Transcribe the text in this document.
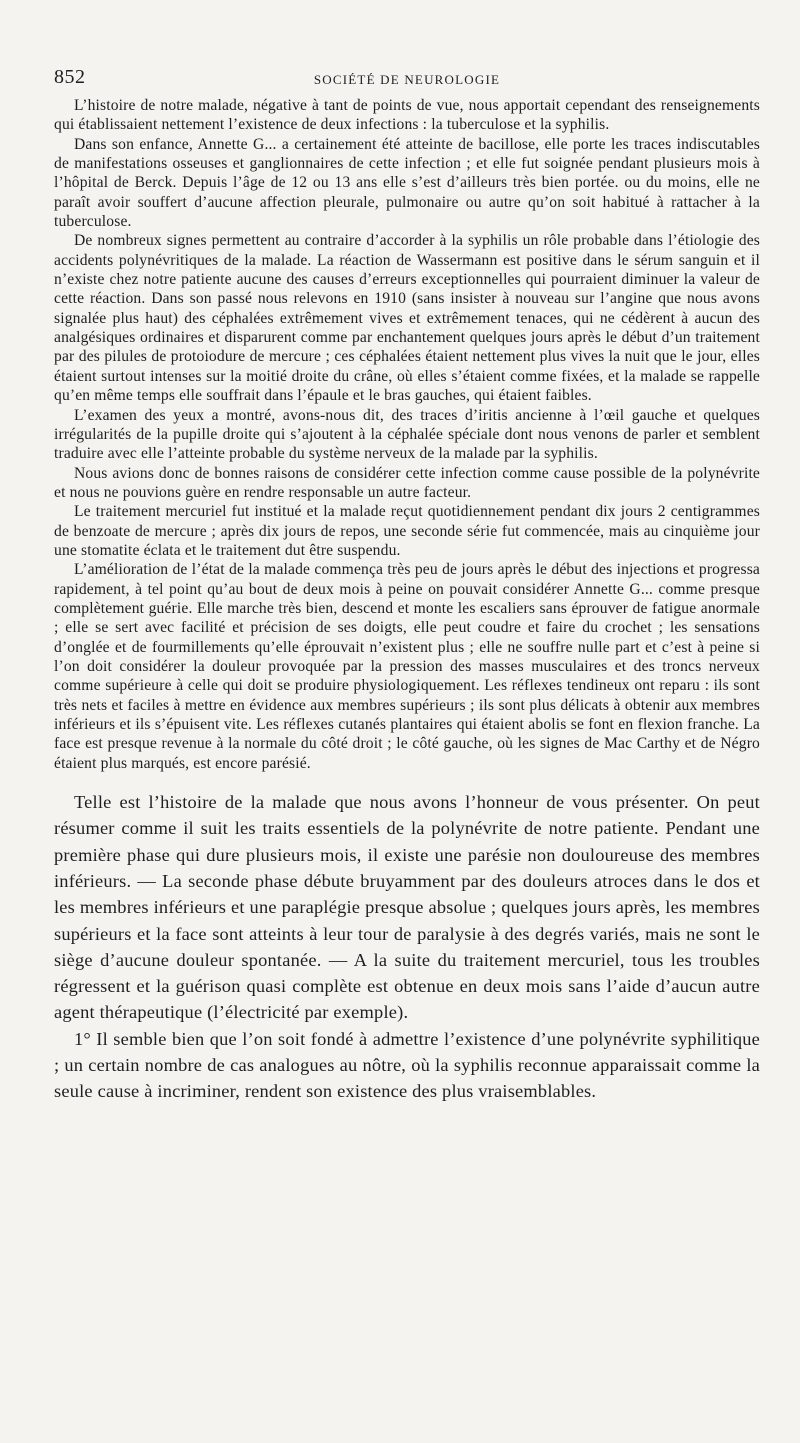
852	SOCIÉTÉ DE NEUROLOGIE

L’histoire de notre malade, négative à tant de points de vue, nous apportait cependant des renseignements qui établissaient nettement l’existence de deux infections : la tuberculose et la syphilis.

Dans son enfance, Annette G... a certainement été atteinte de bacillose, elle porte les traces indiscutables de manifestations osseuses et ganglionnaires de cette infection ; et elle fut soignée pendant plusieurs mois à l’hôpital de Berck. Depuis l’âge de 12 ou 13 ans elle s’est d’ailleurs très bien portée. ou du moins, elle ne paraît avoir souffert d’aucune affection pleurale, pulmonaire ou autre qu’on soit habitué à rattacher à la tuberculose.

De nombreux signes permettent au contraire d’accorder à la syphilis un rôle probable dans l’étiologie des accidents polynévritiques de la malade. La réaction de Wassermann est positive dans le sérum sanguin et il n’existe chez notre patiente aucune des causes d’erreurs exceptionnelles qui pourraient diminuer la valeur de cette réaction. Dans son passé nous relevons en 1910 (sans insister à nouveau sur l’angine que nous avons signalée plus haut) des céphalées extrêmement vives et extrêmement tenaces, qui ne cédèrent à aucun des analgésiques ordinaires et disparurent comme par enchantement quelques jours après le début d’un traitement par des pilules de protoiodure de mercure ; ces céphalées étaient nettement plus vives la nuit que le jour, elles étaient surtout intenses sur la moitié droite du crâne, où elles s’étaient comme fixées, et la malade se rappelle qu’en même temps elle souffrait dans l’épaule et le bras gauches, qui étaient faibles.

L’examen des yeux a montré, avons-nous dit, des traces d’iritis ancienne à l’œil gauche et quelques irrégularités de la pupille droite qui s’ajoutent à la céphalée spéciale dont nous venons de parler et semblent traduire avec elle l’atteinte probable du système nerveux de la malade par la syphilis.

Nous avions donc de bonnes raisons de considérer cette infection comme cause possible de la polynévrite et nous ne pouvions guère en rendre responsable un autre facteur.

Le traitement mercuriel fut institué et la malade reçut quotidiennement pendant dix jours 2 centigrammes de benzoate de mercure ; après dix jours de repos, une seconde série fut commencée, mais au cinquième jour une stomatite éclata et le traitement dut être suspendu.

L’amélioration de l’état de la malade commença très peu de jours après le début des injections et progressa rapidement, à tel point qu’au bout de deux mois à peine on pouvait considérer Annette G... comme presque complètement guérie. Elle marche très bien, descend et monte les escaliers sans éprouver de fatigue anormale ; elle se sert avec facilité et précision de ses doigts, elle peut coudre et faire du crochet ; les sensations d’onglée et de fourmillements qu’elle éprouvait n’existent plus ; elle ne souffre nulle part et c’est à peine si l’on doit considérer la douleur provoquée par la pression des masses musculaires et des troncs nerveux comme supérieure à celle qui doit se produire physiologiquement. Les réflexes tendineux ont reparu : ils sont très nets et faciles à mettre en évidence aux membres supérieurs ; ils sont plus délicats à obtenir aux membres inférieurs et ils s’épuisent vite. Les réflexes cutanés plantaires qui étaient abolis se font en flexion franche. La face est presque revenue à la normale du côté droit ; le côté gauche, où les signes de Mac Carthy et de Négro étaient plus marqués, est encore parésié.

Telle est l’histoire de la malade que nous avons l’honneur de vous présenter. On peut résumer comme il suit les traits essentiels de la polynévrite de notre patiente. Pendant une première phase qui dure plusieurs mois, il existe une parésie non douloureuse des membres inférieurs. — La seconde phase débute bruyamment par des douleurs atroces dans le dos et les membres inférieurs et une paraplégie presque absolue ; quelques jours après, les membres supérieurs et la face sont atteints à leur tour de paralysie à des degrés variés, mais ne sont le siège d’aucune douleur spontanée. — A la suite du traitement mercuriel, tous les troubles régressent et la guérison quasi complète est obtenue en deux mois sans l’aide d’aucun autre agent thérapeutique (l’électricité par exemple).

1° Il semble bien que l’on soit fondé à admettre l’existence d’une polynévrite syphilitique ; un certain nombre de cas analogues au nôtre, où la syphilis reconnue apparaissait comme la seule cause à incriminer, rendent son existence des plus vraisemblables.
